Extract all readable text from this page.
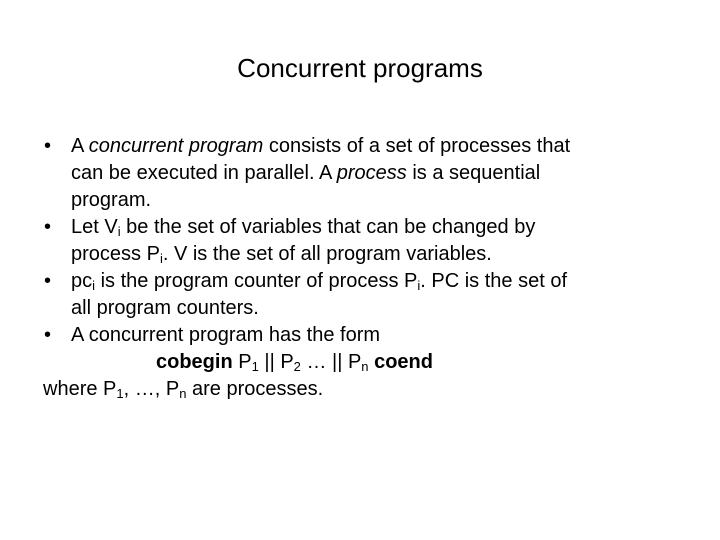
Concurrent programs
• A concurrent program consists of a set of processes that
can be executed in parallel. A process is a sequential
program.
• Let $V_i$ be the set of variables that can be changed by
process $P_i$. V is the set of all program variables.
• $pc_i$ is the program counter of process $P_i$. PC is the set of
all program counters.
• A concurrent program has the form
cobegin $P_1$ || $P_2$ … || $P_n$ coend
where $P_1$, …, $P_n$ are processes.
